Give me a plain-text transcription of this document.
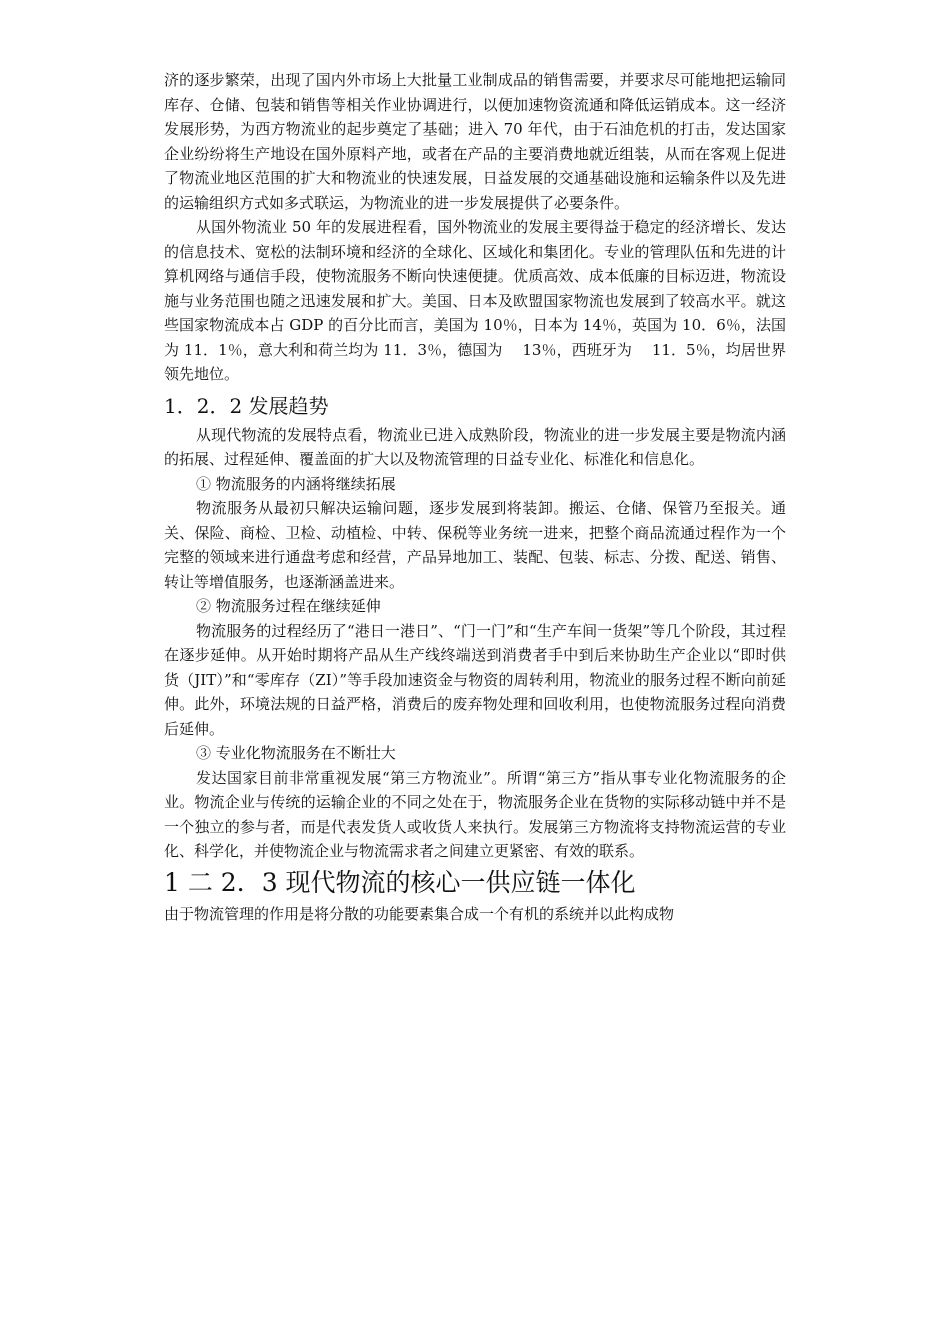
济的逐步繁荣，出现了国内外市场上大批量工业制成品的销售需要，并要求尽可能地把运输同库存、仓储、包装和销售等相关作业协调进行，以便加速物资流通和降低运销成本。这一经济发展形势，为西方物流业的起步奠定了基础；进入 70 年代，由于石油危机的打击，发达国家企业纷纷将生产地设在国外原料产地，或者在产品的主要消费地就近组装，从而在客观上促进了物流业地区范围的扩大和物流业的快速发展，日益发展的交通基础设施和运输条件以及先进的运输组织方式如多式联运，为物流业的进一步发展提供了必要条件。

从国外物流业 50 年的发展进程看，国外物流业的发展主要得益于稳定的经济增长、发达的信息技术、宽松的法制环境和经济的全球化、区域化和集团化。专业的管理队伍和先进的计算机网络与通信手段，使物流服务不断向快速便捷。优质高效、成本低廉的目标迈进，物流设施与业务范围也随之迅速发展和扩大。美国、日本及欧盟国家物流也发展到了较高水平。就这些国家物流成本占 GDP 的百分比而言，美国为 10％，日本为 14％，英国为 10．6％，法国为 11．1％，意大利和荷兰均为 11．3％，德国为　 13％，西班牙为　 11．5％，均居世界领先地位。

1．2．2 发展趋势

从现代物流的发展特点看，物流业已进入成熟阶段，物流业的进一步发展主要是物流内涵的拓展、过程延伸、覆盖面的扩大以及物流管理的日益专业化、标准化和信息化。

① 物流服务的内涵将继续拓展

物流服务从最初只解决运输问题，逐步发展到将装卸。搬运、仓储、保管乃至报关。通关、保险、商检、卫检、动植检、中转、保税等业务统一进来，把整个商品流通过程作为一个完整的领域来进行通盘考虑和经营，产品异地加工、装配、包装、标志、分拨、配送、销售、转让等增值服务，也逐渐涵盖进来。

② 物流服务过程在继续延伸

物流服务的过程经历了“港日一港日”、“门一门”和“生产车间一货架”等几个阶段，其过程在逐步延伸。从开始时期将产品从生产线终端送到消费者手中到后来协助生产企业以“即时供货（JIT）”和“零库存（ZI）”等手段加速资金与物资的周转利用，物流业的服务过程不断向前延伸。此外，环境法规的日益严格，消费后的废弃物处理和回收利用，也使物流服务过程向消费后延伸。

③ 专业化物流服务在不断壮大

发达国家目前非常重视发展“第三方物流业”。所谓“第三方”指从事专业化物流服务的企业。物流企业与传统的运输企业的不同之处在于，物流服务企业在货物的实际移动链中并不是一个独立的参与者，而是代表发货人或收货人来执行。发展第三方物流将支持物流运营的专业化、科学化，并使物流企业与物流需求者之间建立更紧密、有效的联系。

1 二 2．3 现代物流的核心一供应链一体化

由于物流管理的作用是将分散的功能要素集合成一个有机的系统并以此构成物
